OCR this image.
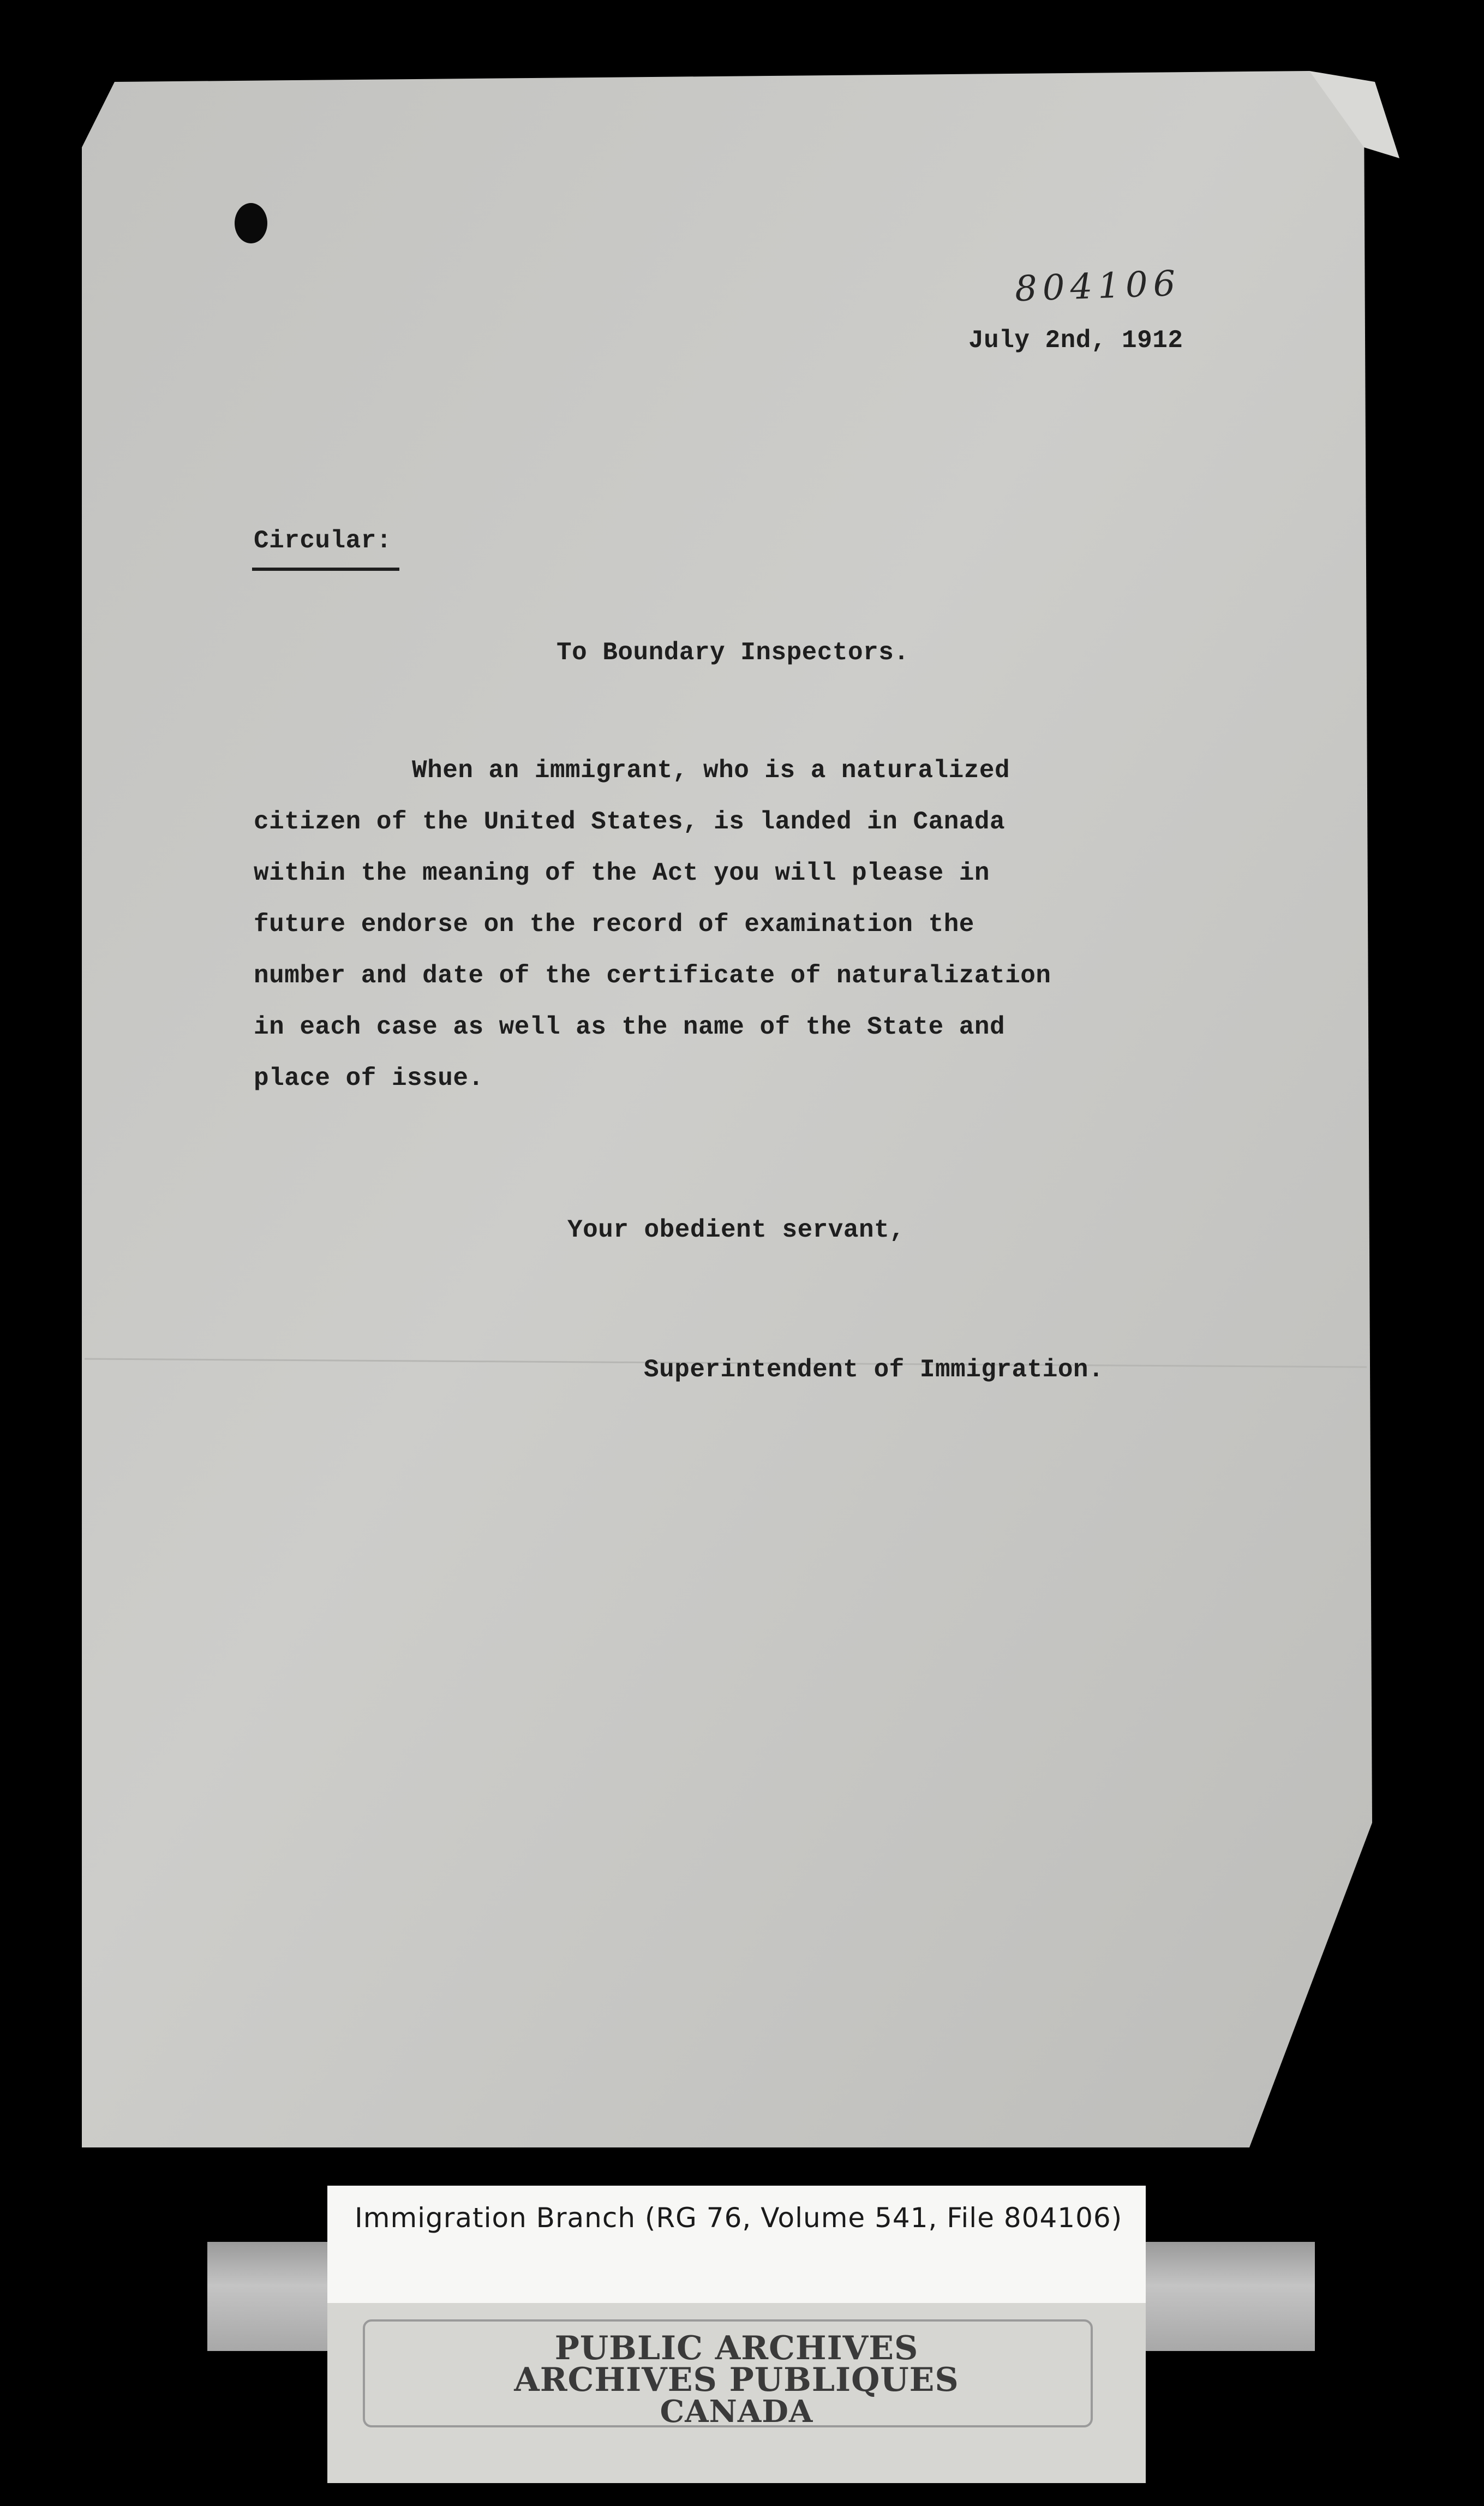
804106
July 2nd, 1912
Circular:
To Boundary Inspectors.
When an immigrant, who is a naturalized
citizen of the United States, is landed in Canada
within the meaning of the Act you will please in
future endorse on the record of examination the
number and date of the certificate of naturalization
in each case as well as the name of the State and
place of issue.
Your obedient servant,
Superintendent of Immigration.
Immigration Branch (RG 76, Volume 541, File 804106)
PUBLIC ARCHIVES
ARCHIVES PUBLIQUES
CANADA
